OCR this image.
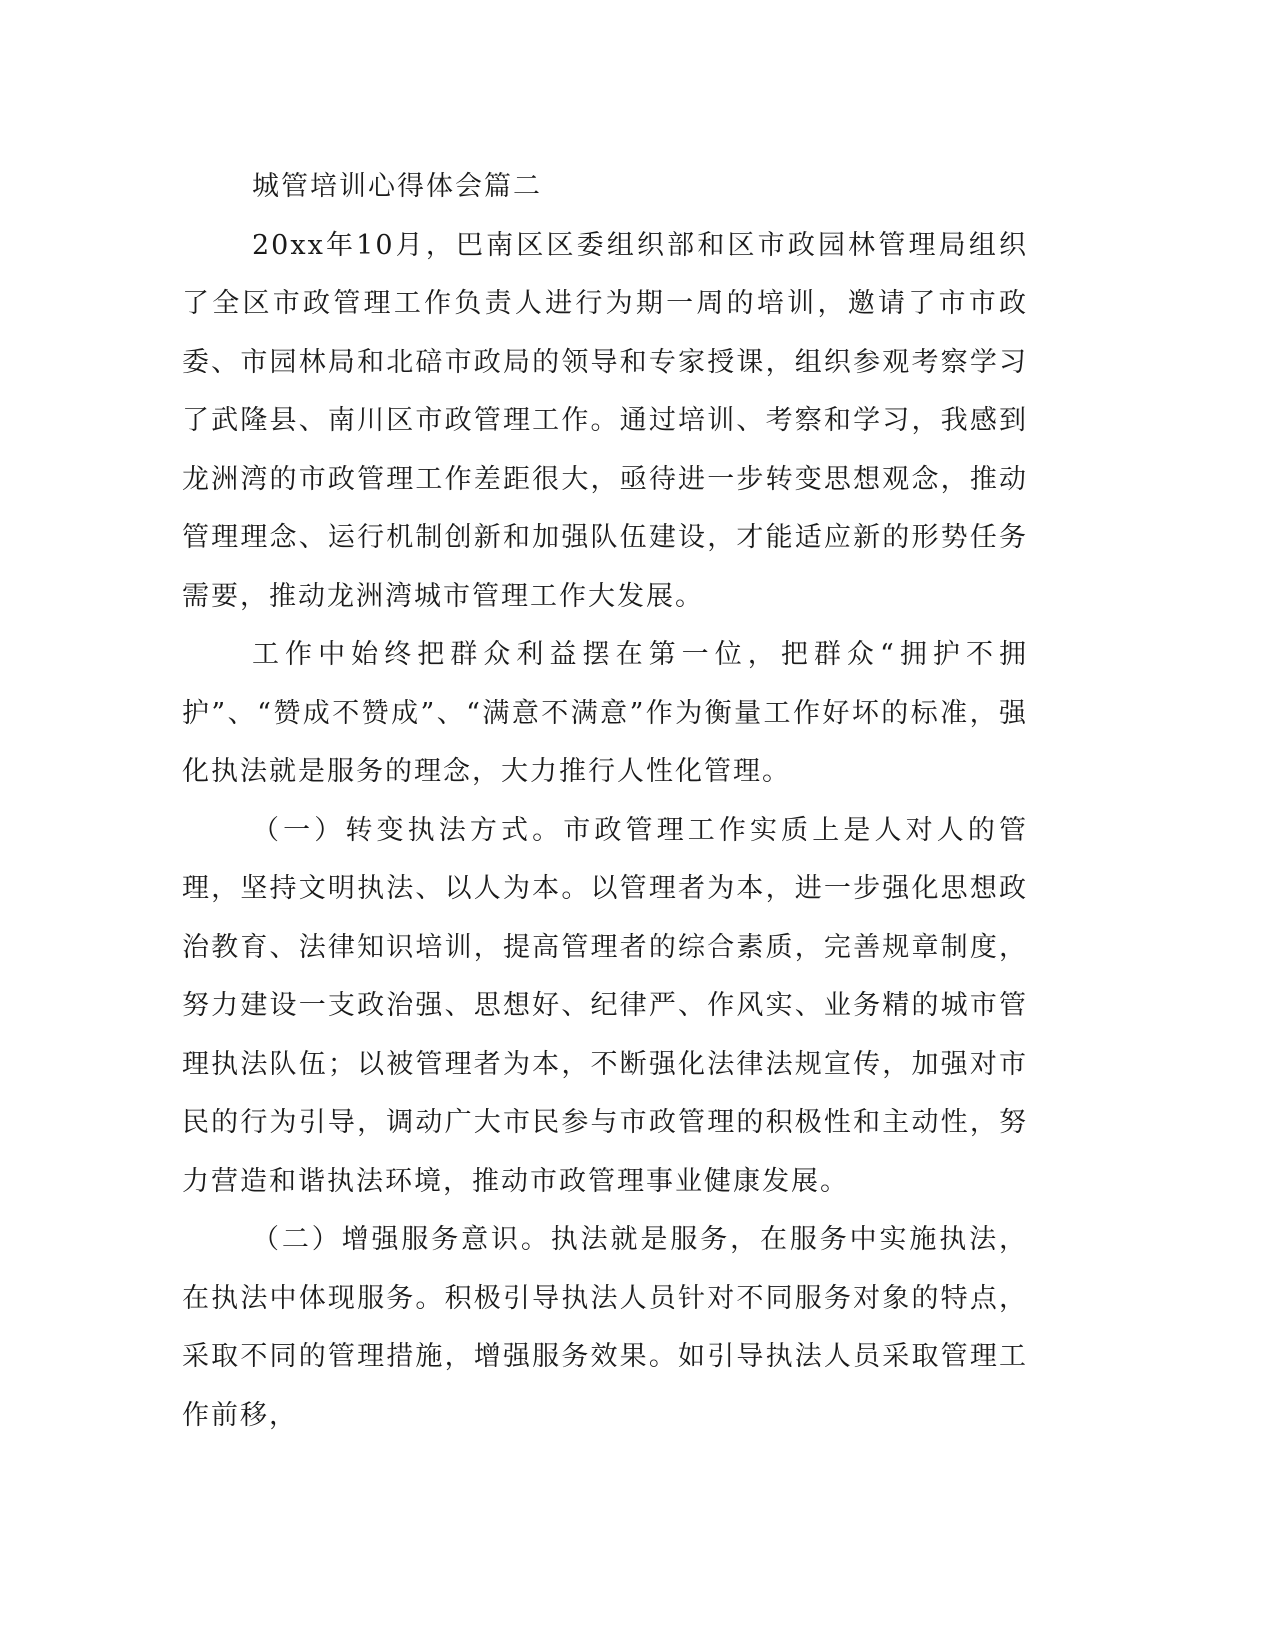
城管培训心得体会篇二

20xx年10月，巴南区区委组织部和区市政园林管理局组织了全区市政管理工作负责人进行为期一周的培训，邀请了市市政委、市园林局和北碚市政局的领导和专家授课，组织参观考察学习了武隆县、南川区市政管理工作。通过培训、考察和学习，我感到龙洲湾的市政管理工作差距很大，亟待进一步转变思想观念，推动管理理念、运行机制创新和加强队伍建设，才能适应新的形势任务需要，推动龙洲湾城市管理工作大发展。

工作中始终把群众利益摆在第一位，把群众“拥护不拥护”、“赞成不赞成”、“满意不满意”作为衡量工作好坏的标准，强化执法就是服务的理念，大力推行人性化管理。

（一）转变执法方式。市政管理工作实质上是人对人的管理，坚持文明执法、以人为本。以管理者为本，进一步强化思想政治教育、法律知识培训，提高管理者的综合素质，完善规章制度，努力建设一支政治强、思想好、纪律严、作风实、业务精的城市管理执法队伍；以被管理者为本，不断强化法律法规宣传，加强对市民的行为引导，调动广大市民参与市政管理的积极性和主动性，努力营造和谐执法环境，推动市政管理事业健康发展。

（二）增强服务意识。执法就是服务，在服务中实施执法，在执法中体现服务。积极引导执法人员针对不同服务对象的特点，采取不同的管理措施，增强服务效果。如引导执法人员采取管理工作前移，
